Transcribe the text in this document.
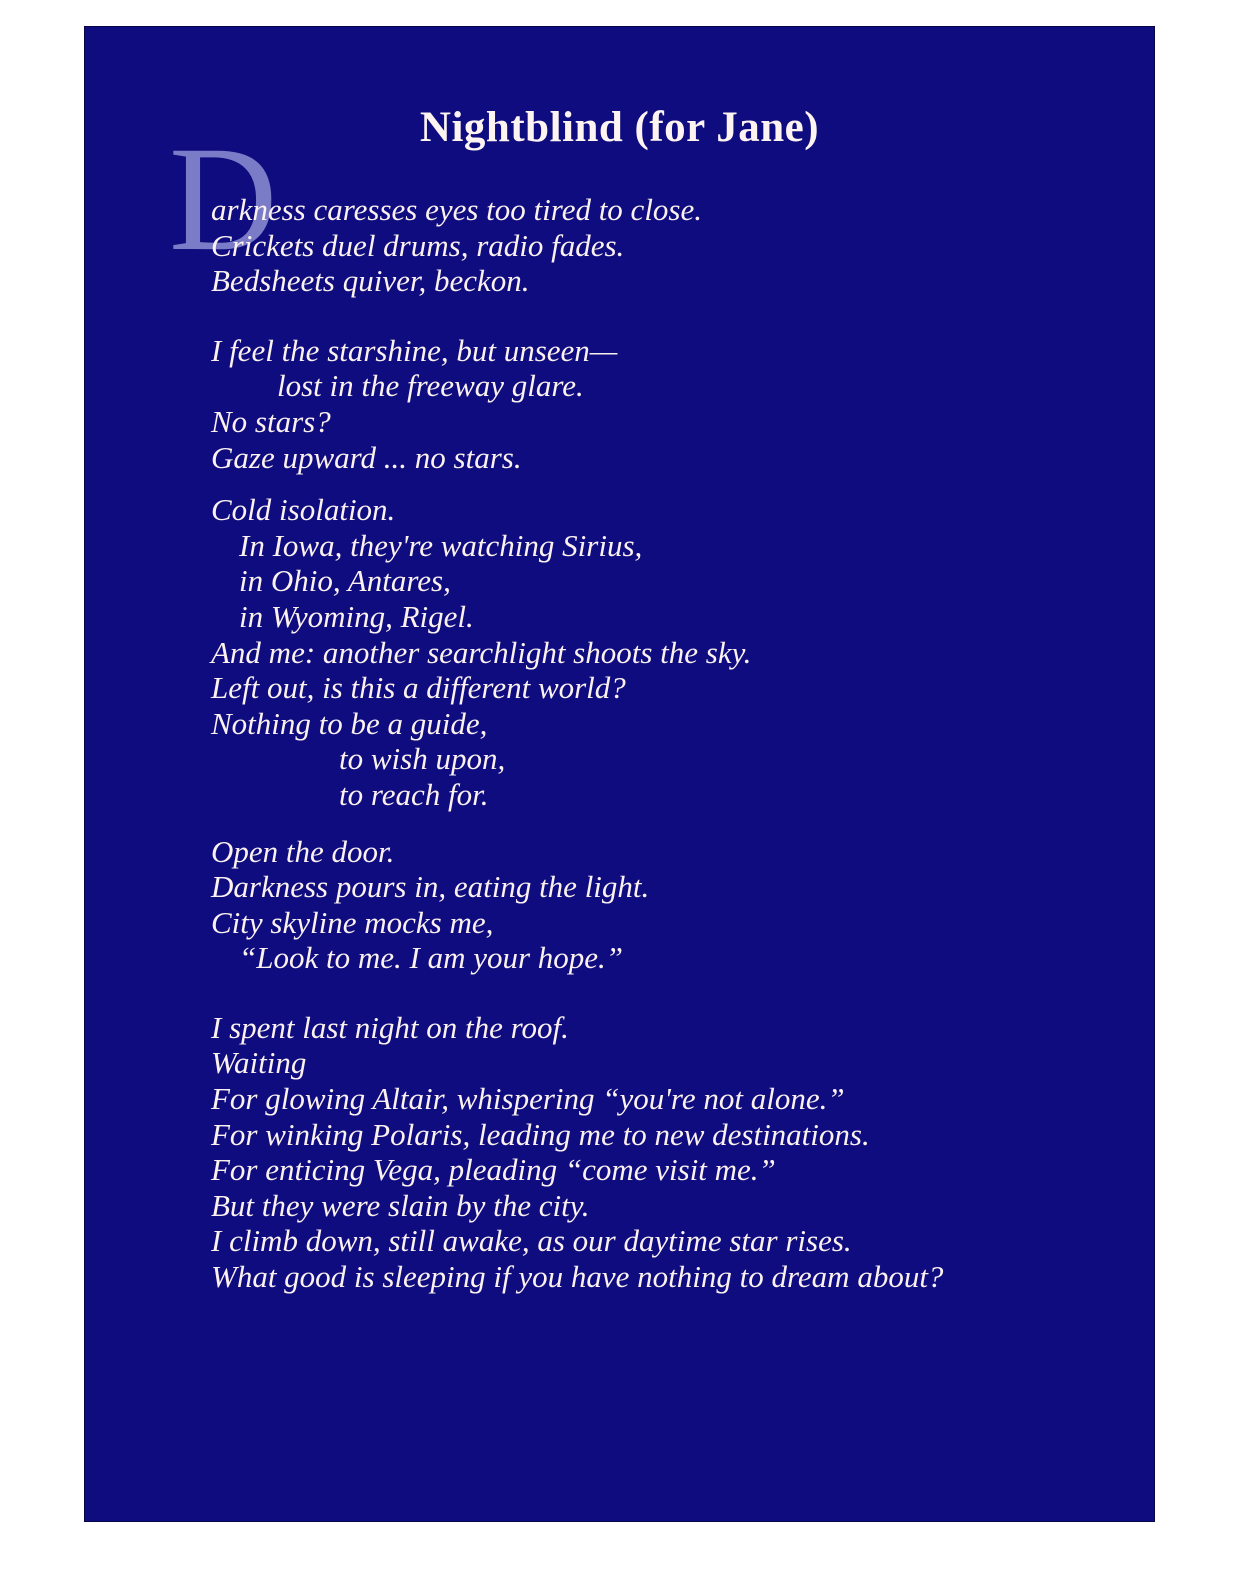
Nightblind (for Jane)
D
arkness caresses eyes too tired to close.
Crickets duel drums, radio fades.
Bedsheets quiver, beckon.
I feel the starshine, but unseen—
lost in the freeway glare.
No stars?
Gaze upward ... no stars.
Cold isolation.
In Iowa, they're watching Sirius,
in Ohio, Antares,
in Wyoming, Rigel.
And me: another searchlight shoots the sky.
Left out, is this a different world?
Nothing to be a guide,
to wish upon,
to reach for.
Open the door.
Darkness pours in, eating the light.
City skyline mocks me,
“Look to me. I am your hope.”
I spent last night on the roof.
Waiting
For glowing Altair, whispering “you're not alone.”
For winking Polaris, leading me to new destinations.
For enticing Vega, pleading “come visit me.”
But they were slain by the city.
I climb down, still awake, as our daytime star rises.
What good is sleeping if you have nothing to dream about?
